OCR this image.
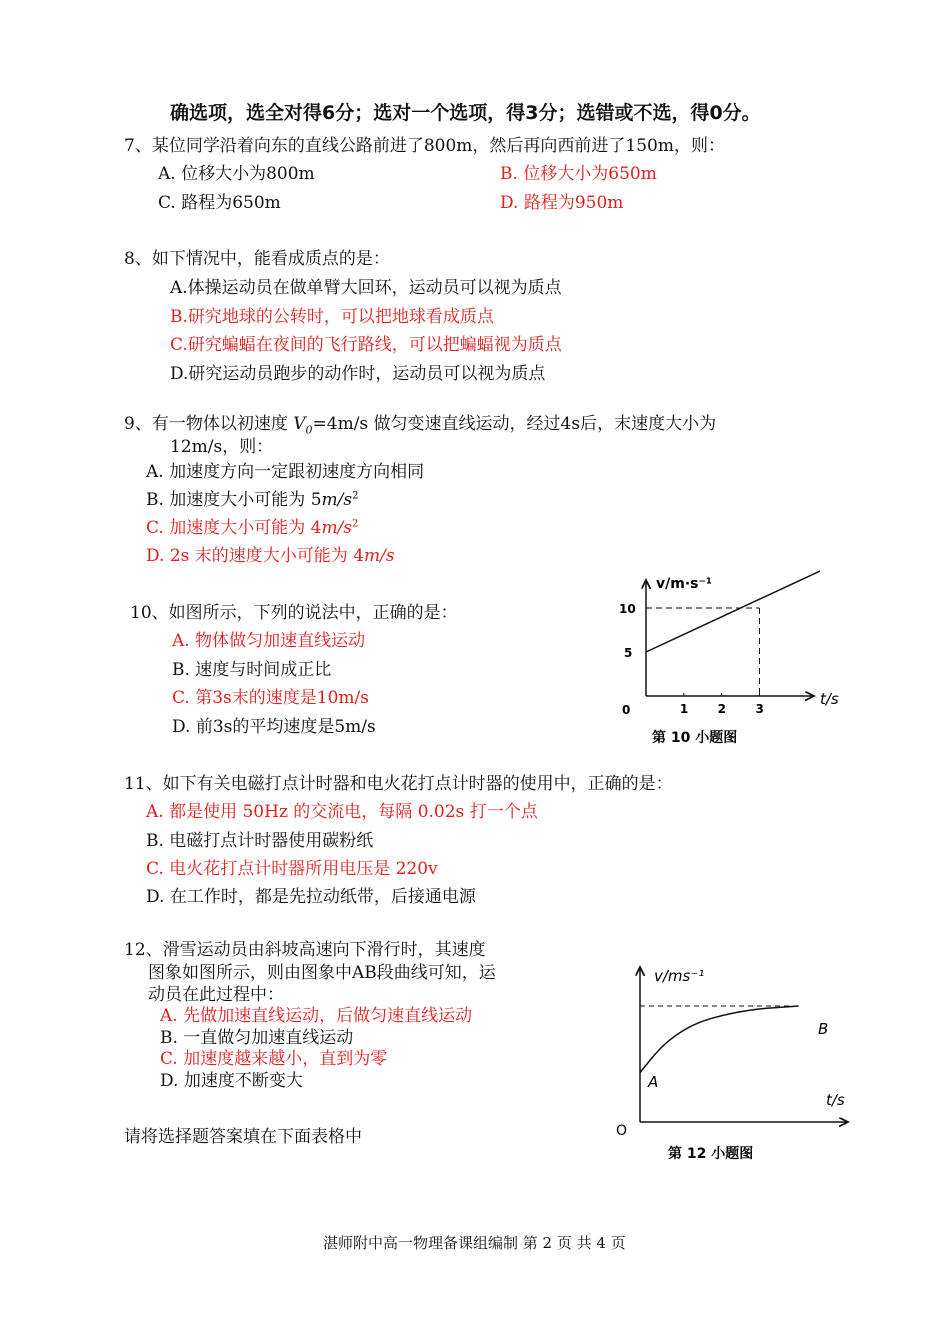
确选项，选全对得6分；选对一个选项，得3分；选错或不选，得0分。
7、某位同学沿着向东的直线公路前进了800m，然后再向西前进了150m，则：
A. 位移大小为800m	B. 位移大小为650m
C. 路程为650m	D. 路程为950m
8、如下情况中，能看成质点的是：
A.体操运动员在做单臂大回环，运动员可以视为质点
B.研究地球的公转时，可以把地球看成质点
C.研究蝙蝠在夜间的飞行路线，可以把蝙蝠视为质点
D.研究运动员跑步的动作时，运动员可以视为质点
9、有一物体以初速度 $V_0=4m/s$ 做匀变速直线运动，经过4s后，末速度大小为
12m/s，则：
A. 加速度方向一定跟初速度方向相同
B. 加速度大小可能为 $5m/s^2$
C. 加速度大小可能为 $4m/s^2$
D. 2s 末的速度大小可能为 4m/s
10、如图所示，下列的说法中，正确的是：
A. 物体做匀加速直线运动
B. 速度与时间成正比
C. 第3s末的速度是10m/s
D. 前3s的平均速度是5m/s
v/m·s⁻¹
t/s
0	1 2 3
5
10
第 10 小题图
11、如下有关电磁打点计时器和电火花打点计时器的使用中，正确的是：
A. 都是使用 50Hz 的交流电，每隔 0.02s 打一个点
B. 电磁打点计时器使用碳粉纸
C. 电火花打点计时器所用电压是 220v
D. 在工作时，都是先拉动纸带，后接通电源
12、滑雪运动员由斜坡高速向下滑行时，其速度
图象如图所示，则由图象中AB段曲线可知，运
动员在此过程中：
A. 先做加速直线运动，后做匀速直线运动
B. 一直做匀加速直线运动
C. 加速度越来越小，直到为零
D. 加速度不断变大
v/ms⁻¹
t/s
O
A
B
第 12 小题图
请将选择题答案填在下面表格中
湛师附中高一物理备课组编制 第 2 页 共 4 页
